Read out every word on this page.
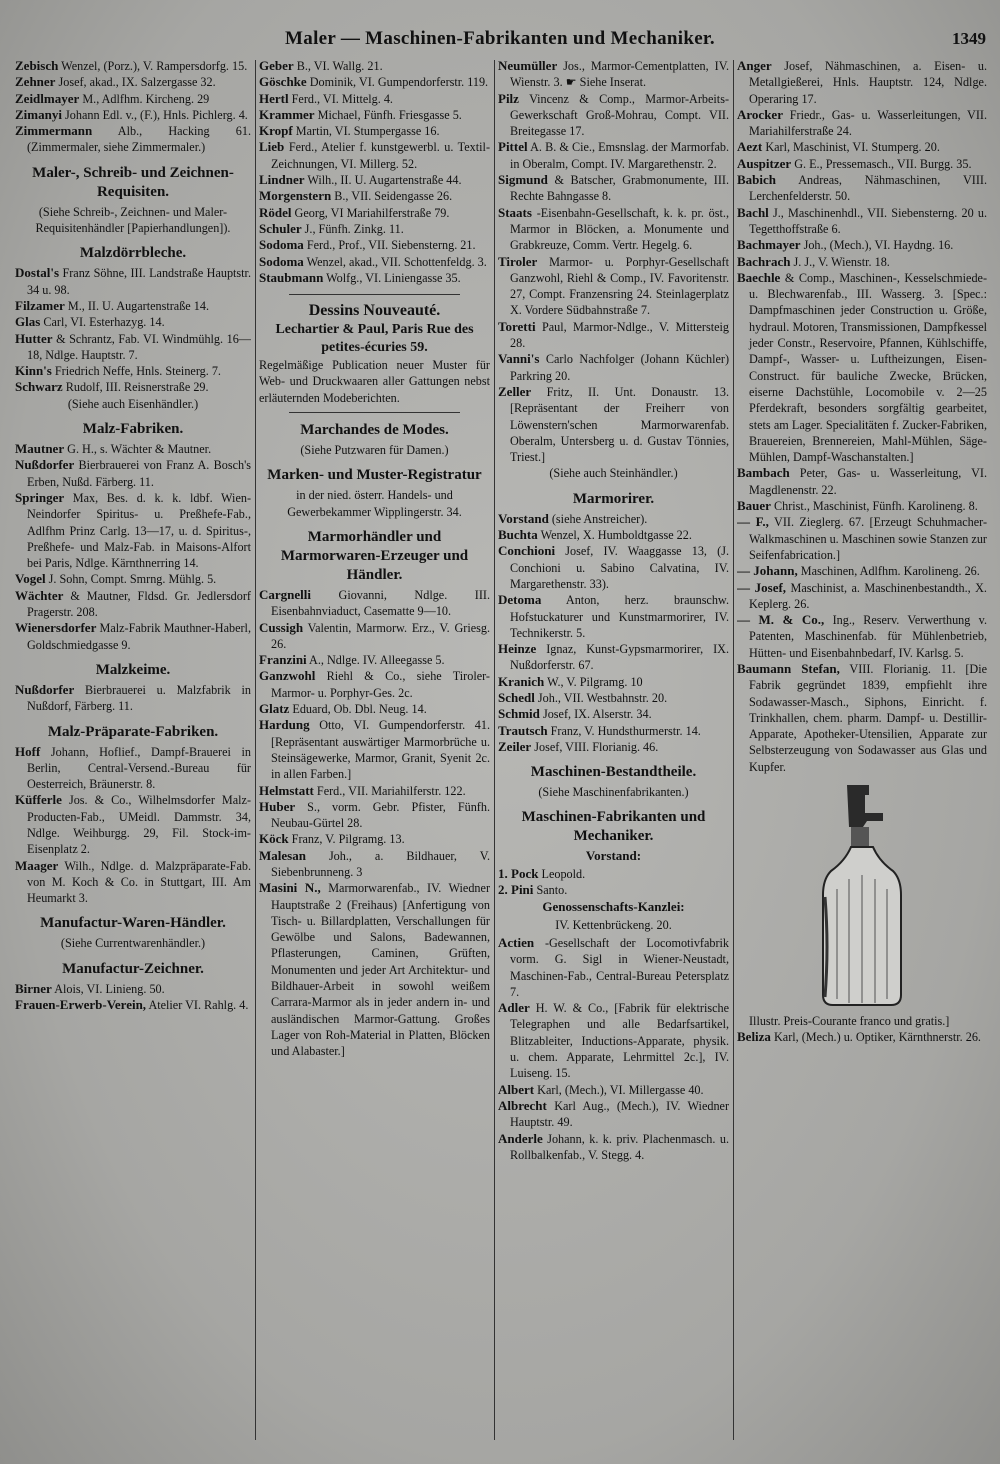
Maler — Maschinen-Fabrikanten und Mechaniker.	1349

Zebisch Wenzel, (Porz.), V. Rampersdorfg. 15.

Zehner Josef, akad., IX. Salzergasse 32.

Zeidlmayer M., Adlfhm. Kircheng. 29

Zimanyi Johann Edl. v., (F.), Hnls. Pichlerg. 4.

Zimmermann Alb., Hacking 61. (Zimmermaler, siehe Zimmermaler.)

Maler-, Schreib- und Zeichnen-Requisiten.
(Siehe Schreib-, Zeichnen- und Maler-Requisitenhändler [Papierhandlungen]).
Malzdörrbleche.

Dostal's Franz Söhne, III. Landstraße Hauptstr. 34 u. 98.

Filzamer M., II. U. Augartenstraße 14.

Glas Carl, VI. Esterhazyg. 14.

Hutter & Schrantz, Fab. VI. Windmühlg. 16—18, Ndlge. Hauptstr. 7.

Kinn's Friedrich Neffe, Hnls. Steinerg. 7.

Schwarz Rudolf, III. Reisnerstraße 29.

(Siehe auch Eisenhändler.)
Malz-Fabriken.

Mautner G. H., s. Wächter & Mautner.

Nußdorfer Bierbrauerei von Franz A. Bosch's Erben, Nußd. Färberg. 11.

Springer Max, Bes. d. k. k. ldbf. Wien-Neindorfer Spiritus- u. Preßhefe-Fab., Adlfhm Prinz Carlg. 13—17, u. d. Spiritus-, Preßhefe- und Malz-Fab. in Maisons-Alfort bei Paris, Ndlge. Kärnthnerring 14.

Vogel J. Sohn, Compt. Smrng. Mühlg. 5.

Wächter & Mautner, Fldsd. Gr. Jedlersdorf Pragerstr. 208.

Wienersdorfer Malz-Fabrik Mauthner-Haberl, Goldschmiedgasse 9.

Malzkeime.

Nußdorfer Bierbrauerei u. Malzfabrik in Nußdorf, Färberg. 11.

Malz-Präparate-Fabriken.

Hoff Johann, Hoflief., Dampf-Brauerei in Berlin, Central-Versend.-Bureau für Oesterreich, Bräunerstr. 8.

Küfferle Jos. & Co., Wilhelmsdorfer Malz-Producten-Fab., UMeidl. Dammstr. 34, Ndlge. Weihburgg. 29, Fil. Stock-im-Eisenplatz 2.

Maager Wilh., Ndlge. d. Malzpräparate-Fab. von M. Koch & Co. in Stuttgart, III. Am Heumarkt 3.

Manufactur-Waren-Händler.
(Siehe Currentwarenhändler.)
Manufactur-Zeichner.

Birner Alois, VI. Linieng. 50.

Frauen-Erwerb-Verein, Atelier VI. Rahlg. 4.

Geber B., VI. Wallg. 21.

Göschke Dominik, VI. Gumpendorferstr. 119.

Hertl Ferd., VI. Mittelg. 4.

Krammer Michael, Fünfh. Friesgasse 5.

Kropf Martin, VI. Stumpergasse 16.

Lieb Ferd., Atelier f. kunstgewerbl. u. Textil-Zeichnungen, VI. Millerg. 52.

Lindner Wilh., II. U. Augartenstraße 44.

Morgenstern B., VII. Seidengasse 26.

Rödel Georg, VI Mariahilferstraße 79.

Schuler J., Fünfh. Zinkg. 11.

Sodoma Ferd., Prof., VII. Siebensterng. 21.

Sodoma Wenzel, akad., VII. Schottenfeldg. 3.

Staubmann Wolfg., VI. Liniengasse 35.

Dessins Nouveauté.
Lechartier & Paul, Paris Rue des petites-écuries 59.
Regelmäßige Publication neuer Muster für Web- und Druckwaaren aller Gattungen nebst erläuternden Modeberichten.
Marchandes de Modes.
(Siehe Putzwaren für Damen.)
Marken- und Muster-Registratur
in der nied. österr. Handels- und Gewerbekammer Wipplingerstr. 34.
Marmorhändler und Marmorwaren-Erzeuger und Händler.

Cargnelli Giovanni, Ndlge. III. Eisenbahnviaduct, Casematte 9—10.

Cussigh Valentin, Marmorw. Erz., V. Griesg. 26.

Franzini A., Ndlge. IV. Alleegasse 5.

Ganzwohl Riehl & Co., siehe Tiroler-Marmor- u. Porphyr-Ges. 2c.

Glatz Eduard, Ob. Dbl. Neug. 14.

Hardung Otto, VI. Gumpendorferstr. 41. [Repräsentant auswärtiger Marmorbrüche u. Steinsägewerke, Marmor, Granit, Syenit 2c. in allen Farben.]

Helmstatt Ferd., VII. Mariahilferstr. 122.

Huber S., vorm. Gebr. Pfister, Fünfh. Neubau-Gürtel 28.

Köck Franz, V. Pilgramg. 13.

Malesan Joh., a. Bildhauer, V. Siebenbrunneng. 3

Masini N., Marmorwarenfab., IV. Wiedner Hauptstraße 2 (Freihaus) [Anfertigung von Tisch- u. Billardplatten, Verschallungen für Gewölbe und Salons, Badewannen, Pflasterungen, Caminen, Grüften, Monumenten und jeder Art Architektur- und Bildhauer-Arbeit in sowohl weißem Carrara-Marmor als in jeder andern in- und ausländischen Marmor-Gattung. Großes Lager von Roh-Material in Platten, Blöcken und Alabaster.]

Neumüller Jos., Marmor-Cementplatten, IV. Wienstr. 3. ☛ Siehe Inserat.

Pilz Vincenz & Comp., Marmor-Arbeits-Gewerkschaft Groß-Mohrau, Compt. VII. Breitegasse 17.

Pittel A. B. & Cie., Emsnslag. der Marmorfab. in Oberalm, Compt. IV. Margarethenstr. 2.

Sigmund & Batscher, Grabmonumente, III. Rechte Bahngasse 8.

Staats -Eisenbahn-Gesellschaft, k. k. pr. öst., Marmor in Blöcken, a. Monumente und Grabkreuze, Comm. Vertr. Hegelg. 6.

Tiroler Marmor- u. Porphyr-Gesellschaft Ganzwohl, Riehl & Comp., IV. Favoritenstr. 27, Compt. Franzensring 24. Steinlagerplatz X. Vordere Südbahnstraße 7.

Toretti Paul, Marmor-Ndlge., V. Mittersteig 28.

Vanni's Carlo Nachfolger (Johann Küchler) Parkring 20.

Zeller Fritz, II. Unt. Donaustr. 13. [Repräsentant der Freiherr von Löwenstern'schen Marmorwarenfab. Oberalm, Untersberg u. d. Gustav Tönnies, Triest.]

(Siehe auch Steinhändler.)
Marmorirer.

Vorstand (siehe Anstreicher).

Buchta Wenzel, X. Humboldtgasse 22.

Conchioni Josef, IV. Waaggasse 13, (J. Conchioni u. Sabino Calvatina, IV. Margarethenstr. 33).

Detoma Anton, herz. braunschw. Hofstuckaturer und Kunstmarmorirer, IV. Technikerstr. 5.

Heinze Ignaz, Kunst-Gypsmarmorirer, IX. Nußdorferstr. 67.

Kranich W., V. Pilgramg. 10

Schedl Joh., VII. Westbahnstr. 20.

Schmid Josef, IX. Alserstr. 34.

Trautsch Franz, V. Hundsthurmerstr. 14.

Zeiler Josef, VIII. Florianig. 46.

Maschinen-Bestandtheile.
(Siehe Maschinenfabrikanten.)
Maschinen-Fabrikanten und Mechaniker.
Vorstand:

1. Pock Leopold.

2. Pini Santo.

Genossenschafts-Kanzlei:
IV. Kettenbrückeng. 20.

Actien -Gesellschaft der Locomotivfabrik vorm. G. Sigl in Wiener-Neustadt, Maschinen-Fab., Central-Bureau Petersplatz 7.

Adler H. W. & Co., [Fabrik für elektrische Telegraphen und alle Bedarfsartikel, Blitzableiter, Inductions-Apparate, physik. u. chem. Apparate, Lehrmittel 2c.], IV. Luiseng. 15.

Albert Karl, (Mech.), VI. Millergasse 40.

Albrecht Karl Aug., (Mech.), IV. Wiedner Hauptstr. 49.

Anderle Johann, k. k. priv. Plachenmasch. u. Rollbalkenfab., V. Stegg. 4.

Anger Josef, Nähmaschinen, a. Eisen- u. Metallgießerei, Hnls. Hauptstr. 124, Ndlge. Operaring 17.

Arocker Friedr., Gas- u. Wasserleitungen, VII. Mariahilferstraße 24.

Aezt Karl, Maschinist, VI. Stumperg. 20.

Auspitzer G. E., Pressemasch., VII. Burgg. 35.

Babich Andreas, Nähmaschinen, VIII. Lerchenfelderstr. 50.

Bachl J., Maschinenhdl., VII. Siebensterng. 20 u. Tegetthoffstraße 6.

Bachmayer Joh., (Mech.), VI. Haydng. 16.

Bachrach J. J., V. Wienstr. 18.

Baechle & Comp., Maschinen-, Kesselschmiede- u. Blechwarenfab., III. Wasserg. 3. [Spec.: Dampfmaschinen jeder Construction u. Größe, hydraul. Motoren, Transmissionen, Dampfkessel jeder Constr., Reservoire, Pfannen, Kühlschiffe, Dampf-, Wasser- u. Luftheizungen, Eisen-Construct. für bauliche Zwecke, Brücken, eiserne Dachstühle, Locomobile v. 2—25 Pferdekraft, besonders sorgfältig gearbeitet, stets am Lager. Specialitäten f. Zucker-Fabriken, Brauereien, Brennereien, Mahl-Mühlen, Säge-Mühlen, Dampf-Waschanstalten.]

Bambach Peter, Gas- u. Wasserleitung, VI. Magdlenenstr. 22.

Bauer Christ., Maschinist, Fünfh. Karolineng. 8.

— F., VII. Zieglerg. 67. [Erzeugt Schuhmacher-Walkmaschinen u. Maschinen sowie Stanzen zur Seifenfabrication.]

— Johann, Maschinen, Adlfhm. Karolineng. 26.

— Josef, Maschinist, a. Maschinenbestandth., X. Keplerg. 26.

— M. & Co., Ing., Reserv. Verwerthung v. Patenten, Maschinenfab. für Mühlenbetrieb, Hütten- und Eisenbahnbedarf, IV. Karlsg. 5.

Baumann Stefan, VIII. Florianig. 11. [Die Fabrik gegründet 1839, empfiehlt ihre Sodawasser-Masch., Siphons, Einricht. f. Trinkhallen, chem. pharm. Dampf- u. Destillir-Apparate, Apotheker-Utensilien, Apparate zur Selbsterzeugung von Sodawasser aus Glas und Kupfer.

Illustr. Preis-Courante franco und gratis.]

Beliza Karl, (Mech.) u. Optiker, Kärnthnerstr. 26.
